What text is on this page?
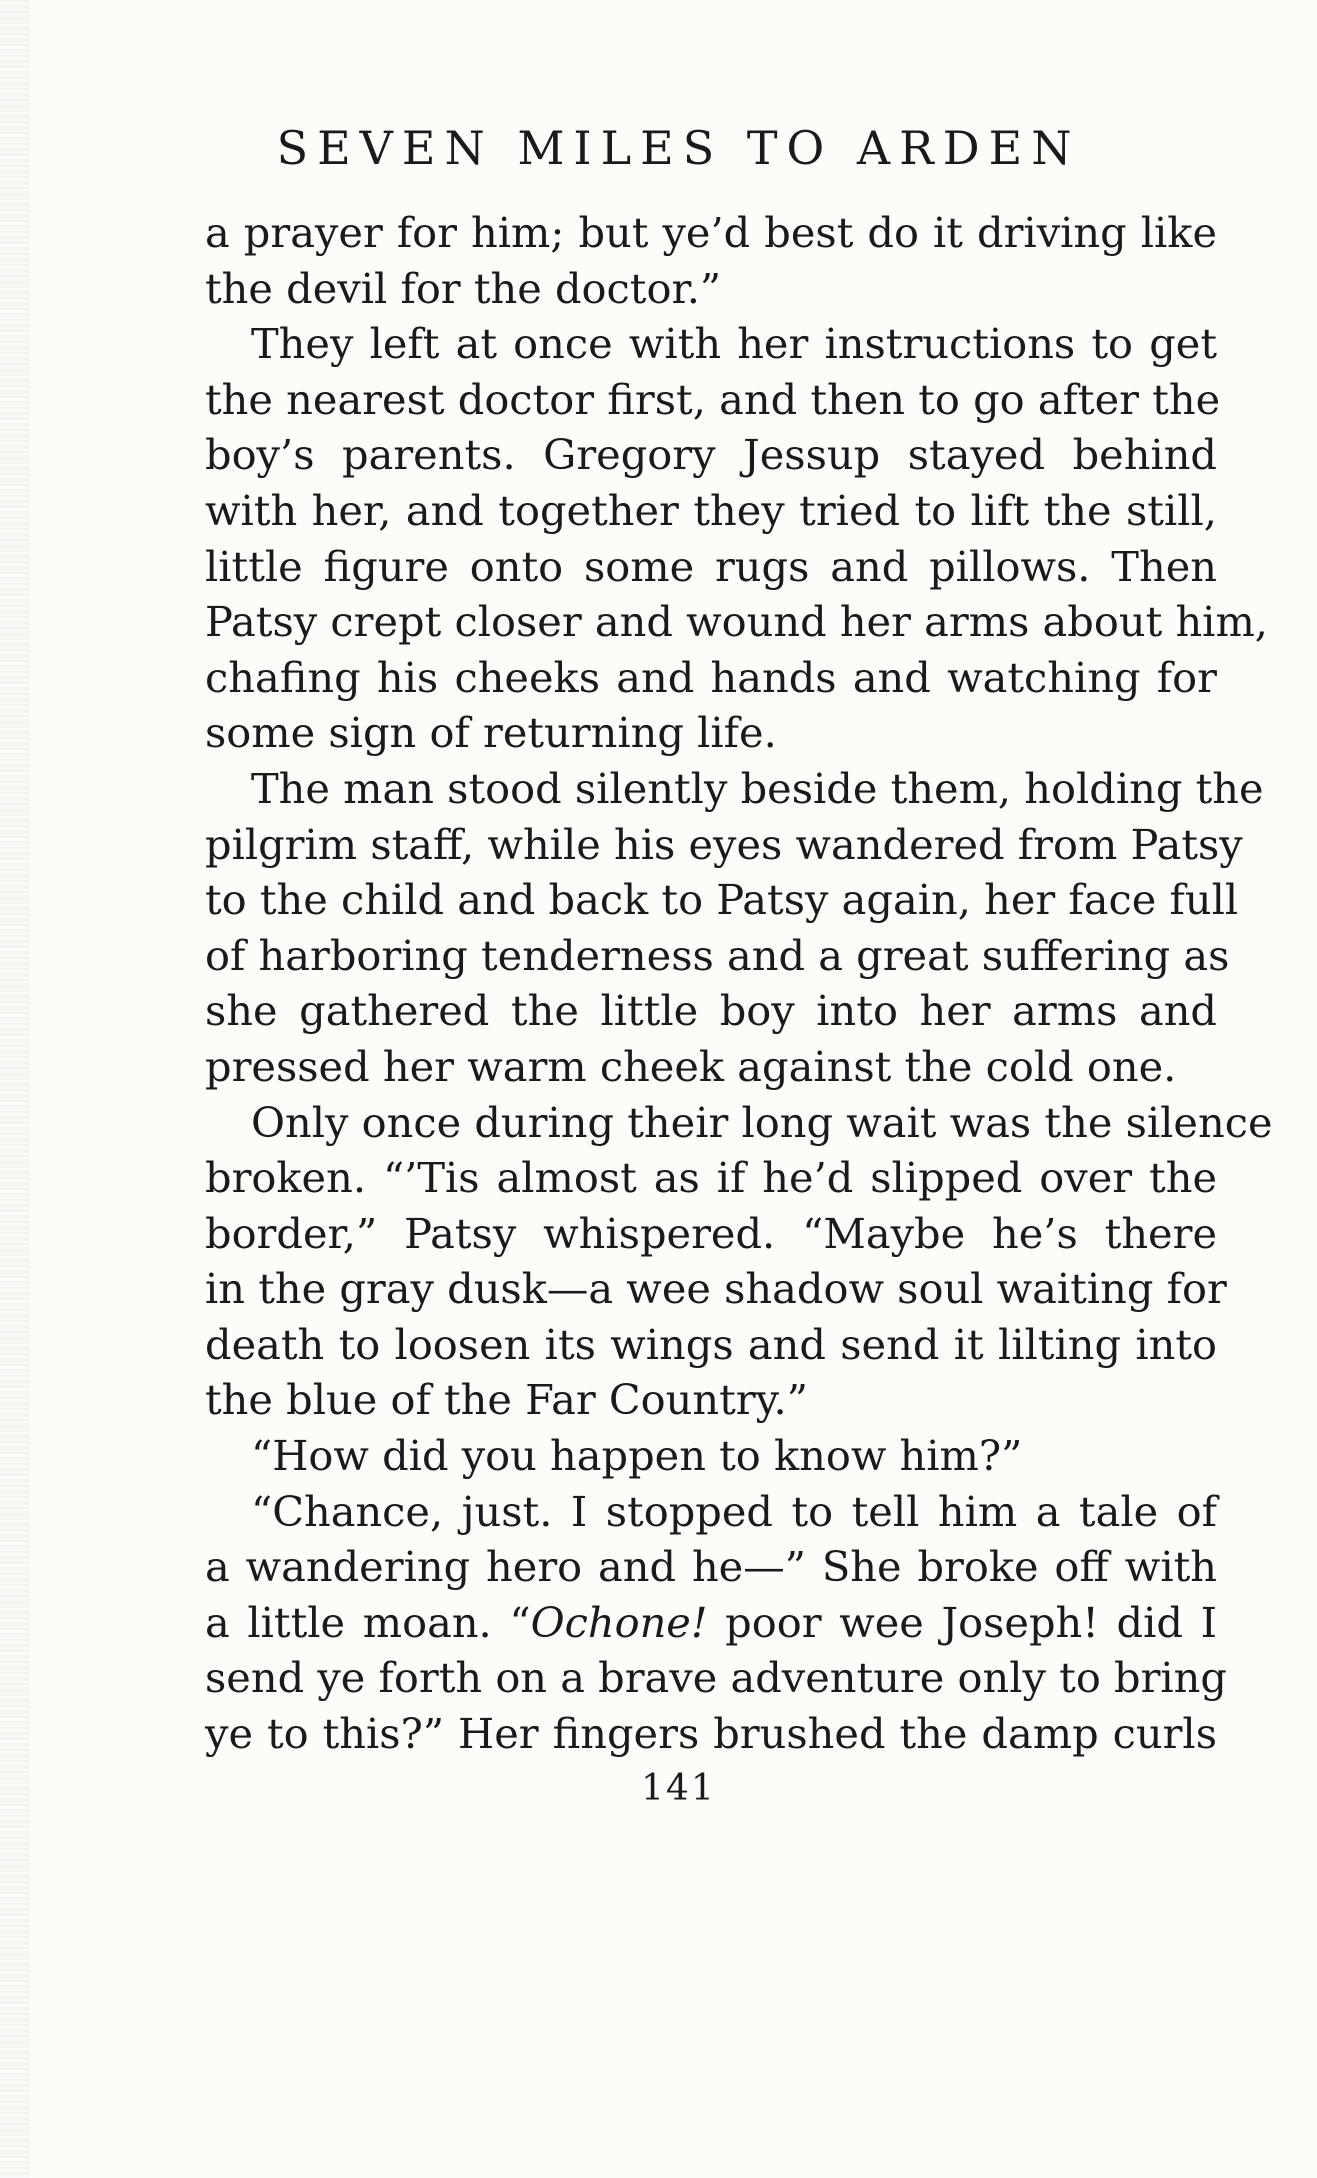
SEVEN MILES TO ARDEN
a prayer for him; but ye’d best do it driving like
the devil for the doctor.”
They left at once with her instructions to get
the nearest doctor first, and then to go after the
boy’s parents. Gregory Jessup stayed behind
with her, and together they tried to lift the still,
little figure onto some rugs and pillows. Then
Patsy crept closer and wound her arms about him,
chafing his cheeks and hands and watching for
some sign of returning life.
The man stood silently beside them, holding the
pilgrim staff, while his eyes wandered from Patsy
to the child and back to Patsy again, her face full
of harboring tenderness and a great suffering as
she gathered the little boy into her arms and
pressed her warm cheek against the cold one.
Only once during their long wait was the silence
broken. “’Tis almost as if he’d slipped over the
border,” Patsy whispered. “Maybe he’s there
in the gray dusk—a wee shadow soul waiting for
death to loosen its wings and send it lilting into
the blue of the Far Country.”
“How did you happen to know him?”
“Chance, just. I stopped to tell him a tale of
a wandering hero and he—” She broke off with
a little moan. “Ochone! poor wee Joseph! did I
send ye forth on a brave adventure only to bring
ye to this?” Her fingers brushed the damp curls
141
